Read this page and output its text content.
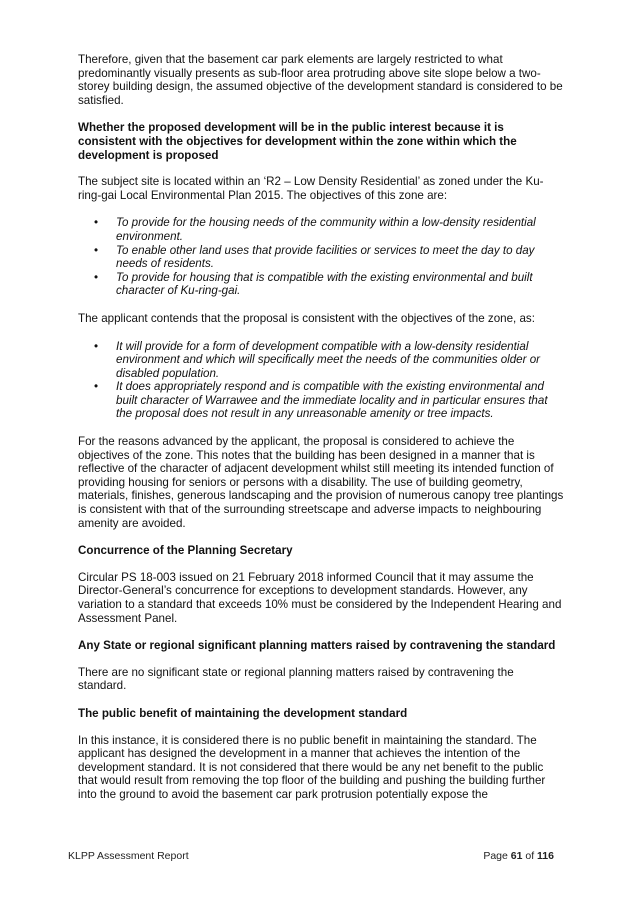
Therefore, given that the basement car park elements are largely restricted to what predominantly visually presents as sub-floor area protruding above site slope below a two-storey building design, the assumed objective of the development standard is considered to be satisfied.

Whether the proposed development will be in the public interest because it is consistent with the objectives for development within the zone within which the development is proposed

The subject site is located within an ‘R2 – Low Density Residential’ as zoned under the Ku-ring-gai Local Environmental Plan 2015. The objectives of this zone are:

• To provide for the housing needs of the community within a low-density residential environment.
• To enable other land uses that provide facilities or services to meet the day to day needs of residents.
• To provide for housing that is compatible with the existing environmental and built character of Ku-ring-gai.

The applicant contends that the proposal is consistent with the objectives of the zone, as:

• It will provide for a form of development compatible with a low-density residential environment and which will specifically meet the needs of the communities older or disabled population.
• It does appropriately respond and is compatible with the existing environmental and built character of Warrawee and the immediate locality and in particular ensures that the proposal does not result in any unreasonable amenity or tree impacts.

For the reasons advanced by the applicant, the proposal is considered to achieve the objectives of the zone. This notes that the building has been designed in a manner that is reflective of the character of adjacent development whilst still meeting its intended function of providing housing for seniors or persons with a disability. The use of building geometry, materials, finishes, generous landscaping and the provision of numerous canopy tree plantings is consistent with that of the surrounding streetscape and adverse impacts to neighbouring amenity are avoided.

Concurrence of the Planning Secretary

Circular PS 18-003 issued on 21 February 2018 informed Council that it may assume the Director-General’s concurrence for exceptions to development standards. However, any variation to a standard that exceeds 10% must be considered by the Independent Hearing and Assessment Panel.

Any State or regional significant planning matters raised by contravening the standard

There are no significant state or regional planning matters raised by contravening the standard.

The public benefit of maintaining the development standard

In this instance, it is considered there is no public benefit in maintaining the standard. The applicant has designed the development in a manner that achieves the intention of the development standard. It is not considered that there would be any net benefit to the public that would result from removing the top floor of the building and pushing the building further into the ground to avoid the basement car park protrusion potentially expose the

KLPP Assessment Report	Page 61 of 116
